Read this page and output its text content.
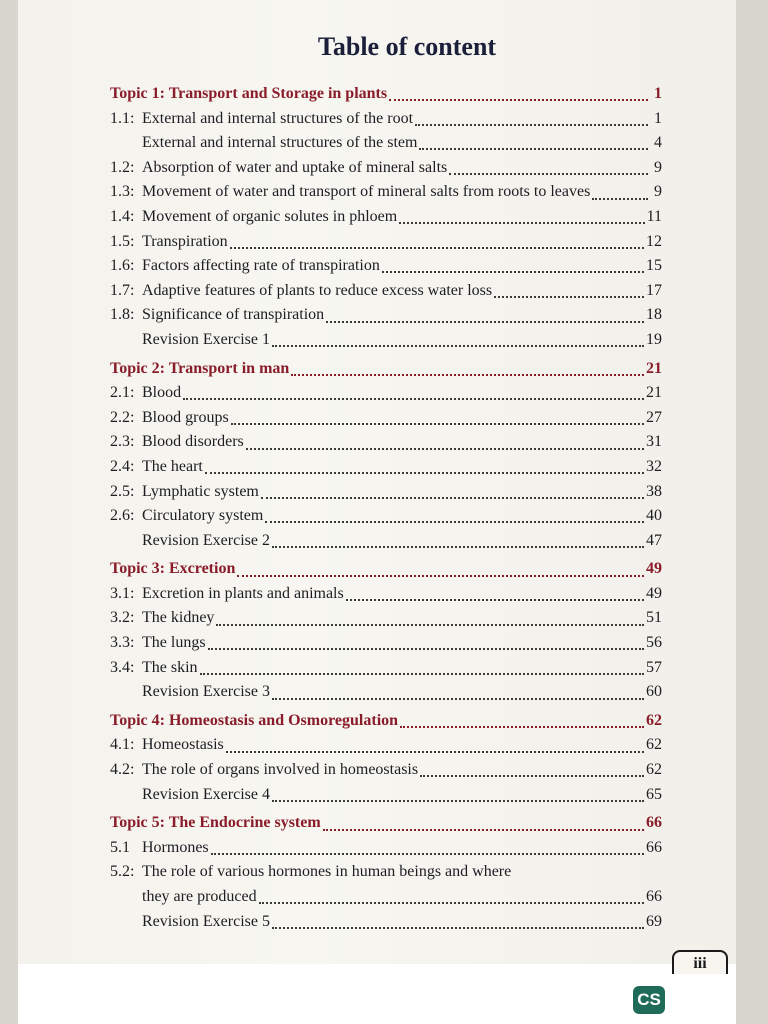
Table of content
Topic 1: Transport and Storage in plants	1
1.1: External and internal structures of the root	1
External and internal structures of the stem	4
1.2: Absorption of water and uptake of mineral salts	9
1.3: Movement of water and transport of mineral salts from roots to leaves	9
1.4: Movement of organic solutes in phloem	11
1.5: Transpiration	12
1.6: Factors affecting rate of transpiration	15
1.7: Adaptive features of plants to reduce excess water loss	17
1.8: Significance of transpiration	18
Revision Exercise 1	19
Topic 2: Transport in man	21
2.1: Blood	21
2.2: Blood groups	27
2.3: Blood disorders	31
2.4: The heart	32
2.5: Lymphatic system	38
2.6: Circulatory system	40
Revision Exercise 2	47
Topic 3: Excretion	49
3.1: Excretion in plants and animals	49
3.2: The kidney	51
3.3: The lungs	56
3.4: The skin	57
Revision Exercise 3	60
Topic 4: Homeostasis and Osmoregulation	62
4.1: Homeostasis	62
4.2: The role of organs involved in homeostasis	62
Revision Exercise 4	65
Topic 5: The Endocrine system	66
5.1 Hormones	66
5.2: The role of various hormones in human beings and where
they are produced	66
Revision Exercise 5	69
iii
CS
